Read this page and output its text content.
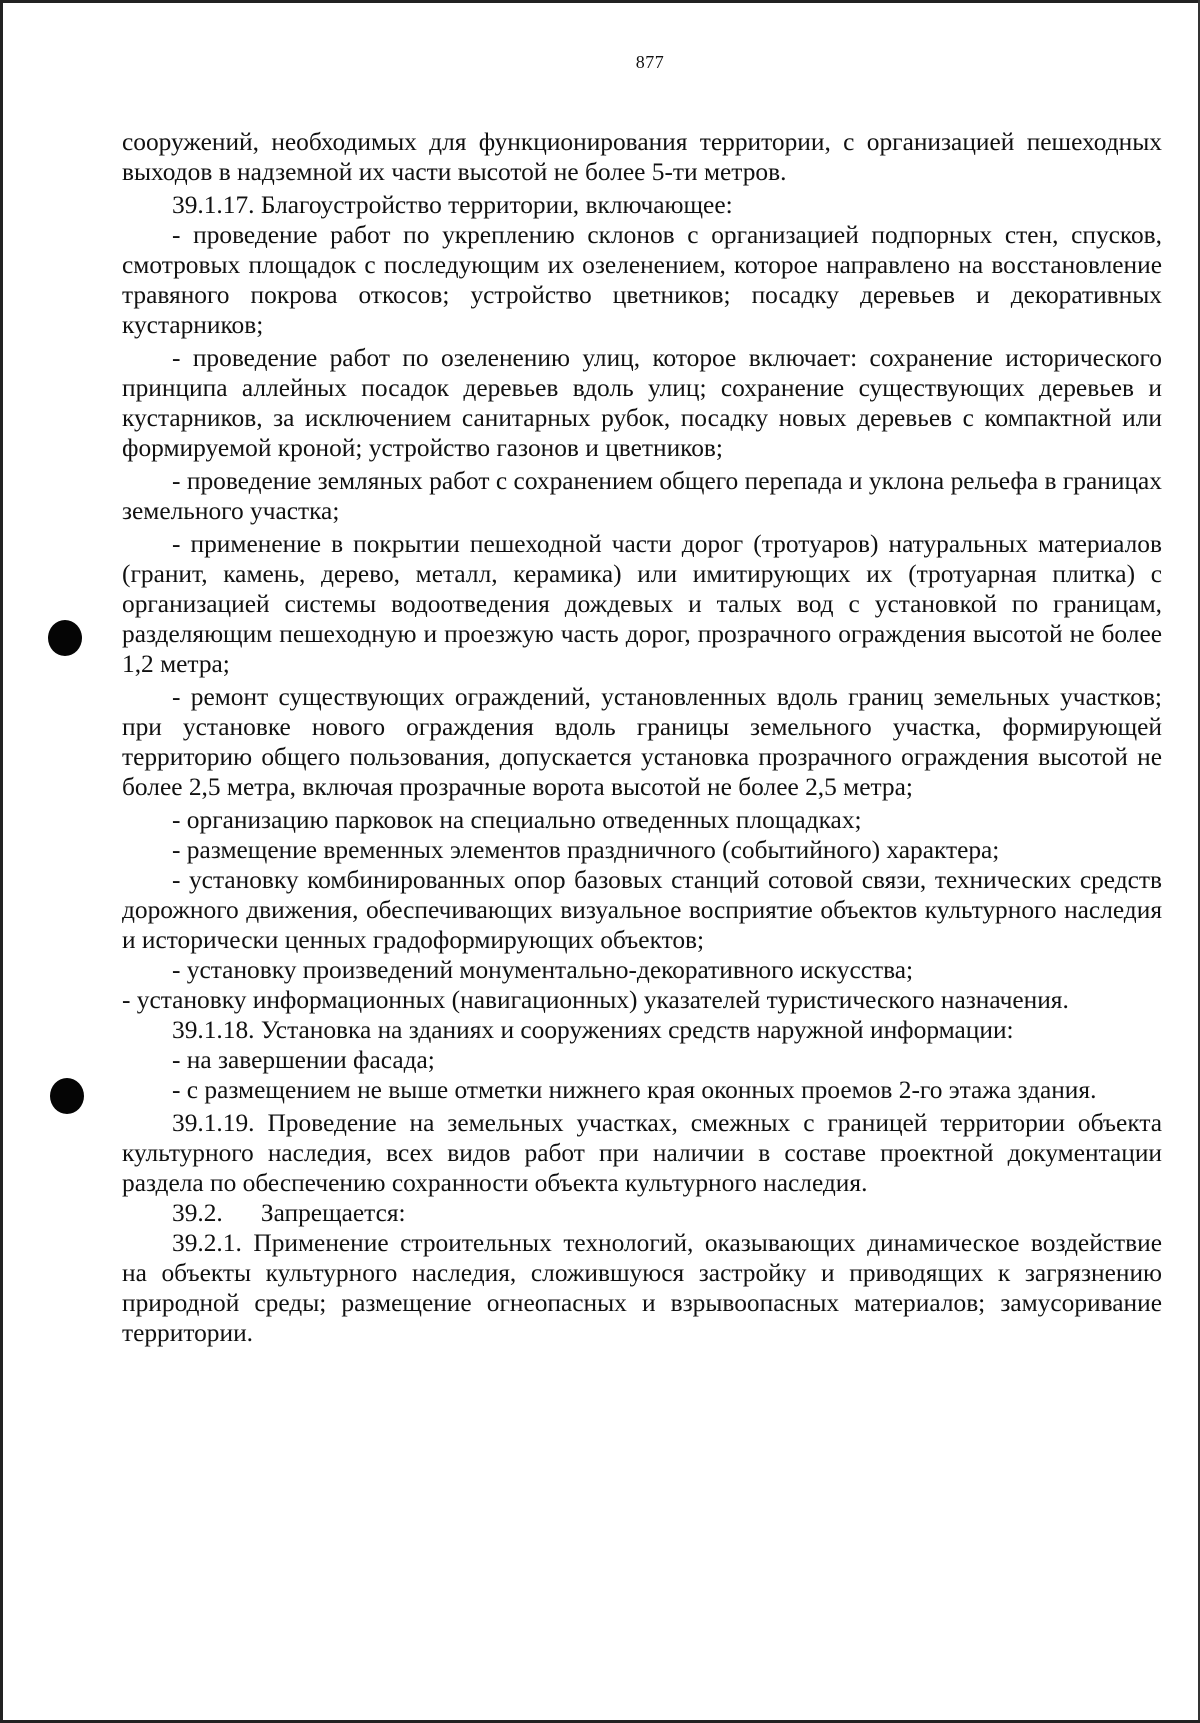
877

сооружений, необходимых для функционирования территории, с организацией пешеходных выходов в надземной их части высотой не более 5-ти метров.

39.1.17. Благоустройство территории, включающее:

- проведение работ по укреплению склонов с организацией подпорных стен, спусков, смотровых площадок с последующим их озеленением, которое направлено на восстановление травяного покрова откосов; устройство цветников; посадку деревьев и декоративных кустарников;

- проведение работ по озеленению улиц, которое включает: сохранение исторического принципа аллейных посадок деревьев вдоль улиц; сохранение существующих деревьев и кустарников, за исключением санитарных рубок, посадку новых деревьев с компактной или формируемой кроной; устройство газонов и цветников;

- проведение земляных работ с сохранением общего перепада и уклона рельефа в границах земельного участка;

- применение в покрытии пешеходной части дорог (тротуаров) натуральных материалов (гранит, камень, дерево, металл, керамика) или имитирующих их (тротуарная плитка) с организацией системы водоотведения дождевых и талых вод с установкой по границам, разделяющим пешеходную и проезжую часть дорог, прозрачного ограждения высотой не более 1,2 метра;

- ремонт существующих ограждений, установленных вдоль границ земельных участков; при установке нового ограждения вдоль границы земельного участка, формирующей территорию общего пользования, допускается установка прозрачного ограждения высотой не более 2,5 метра, включая прозрачные ворота высотой не более 2,5 метра;

- организацию парковок на специально отведенных площадках;

- размещение временных элементов праздничного (событийного) характера;

- установку комбинированных опор базовых станций сотовой связи, технических средств дорожного движения, обеспечивающих визуальное восприятие объектов культурного наследия и исторически ценных градоформирующих объектов;

- установку произведений монументально-декоративного искусства;

- установку информационных (навигационных) указателей туристического назначения.

39.1.18. Установка на зданиях и сооружениях средств наружной информации:

- на завершении фасада;

- с размещением не выше отметки нижнего края оконных проемов 2-го этажа здания.

39.1.19. Проведение на земельных участках, смежных с границей территории объекта культурного наследия, всех видов работ при наличии в составе проектной документации раздела по обеспечению сохранности объекта культурного наследия.

39.2.      Запрещается:

39.2.1. Применение строительных технологий, оказывающих динамическое воздействие на объекты культурного наследия, сложившуюся застройку и приводящих к загрязнению природной среды; размещение огнеопасных и взрывоопасных материалов; замусоривание территории.
